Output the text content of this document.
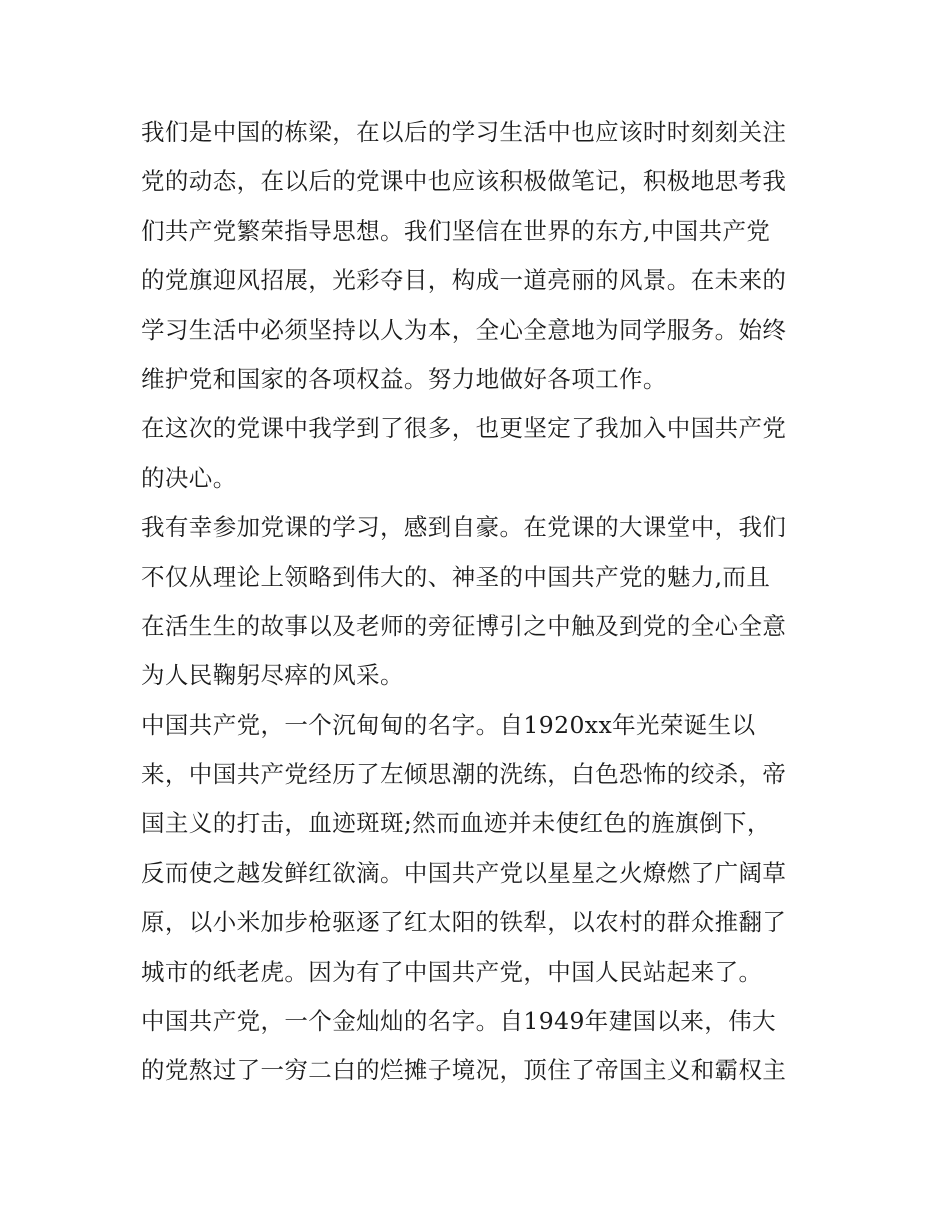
我们是中国的栋梁，在以后的学习生活中也应该时时刻刻关注
党的动态，在以后的党课中也应该积极做笔记，积极地思考我
们共产党繁荣指导思想。我们坚信在世界的东方,中国共产党
的党旗迎风招展，光彩夺目，构成一道亮丽的风景。在未来的
学习生活中必须坚持以人为本，全心全意地为同学服务。始终
维护党和国家的各项权益。努力地做好各项工作。
在这次的党课中我学到了很多，也更坚定了我加入中国共产党
的决心。
我有幸参加党课的学习，感到自豪。在党课的大课堂中，我们
不仅从理论上领略到伟大的、神圣的中国共产党的魅力,而且
在活生生的故事以及老师的旁征博引之中触及到党的全心全意
为人民鞠躬尽瘁的风采。
中国共产党，一个沉甸甸的名字。自1920xx年光荣诞生以
来，中国共产党经历了左倾思潮的洗练，白色恐怖的绞杀，帝
国主义的打击，血迹斑斑;然而血迹并未使红色的旌旗倒下，
反而使之越发鲜红欲滴。中国共产党以星星之火燎燃了广阔草
原，以小米加步枪驱逐了红太阳的铁犁，以农村的群众推翻了
城市的纸老虎。因为有了中国共产党，中国人民站起来了。
中国共产党，一个金灿灿的名字。自1949年建国以来，伟大
的党熬过了一穷二白的烂摊子境况，顶住了帝国主义和霸权主
